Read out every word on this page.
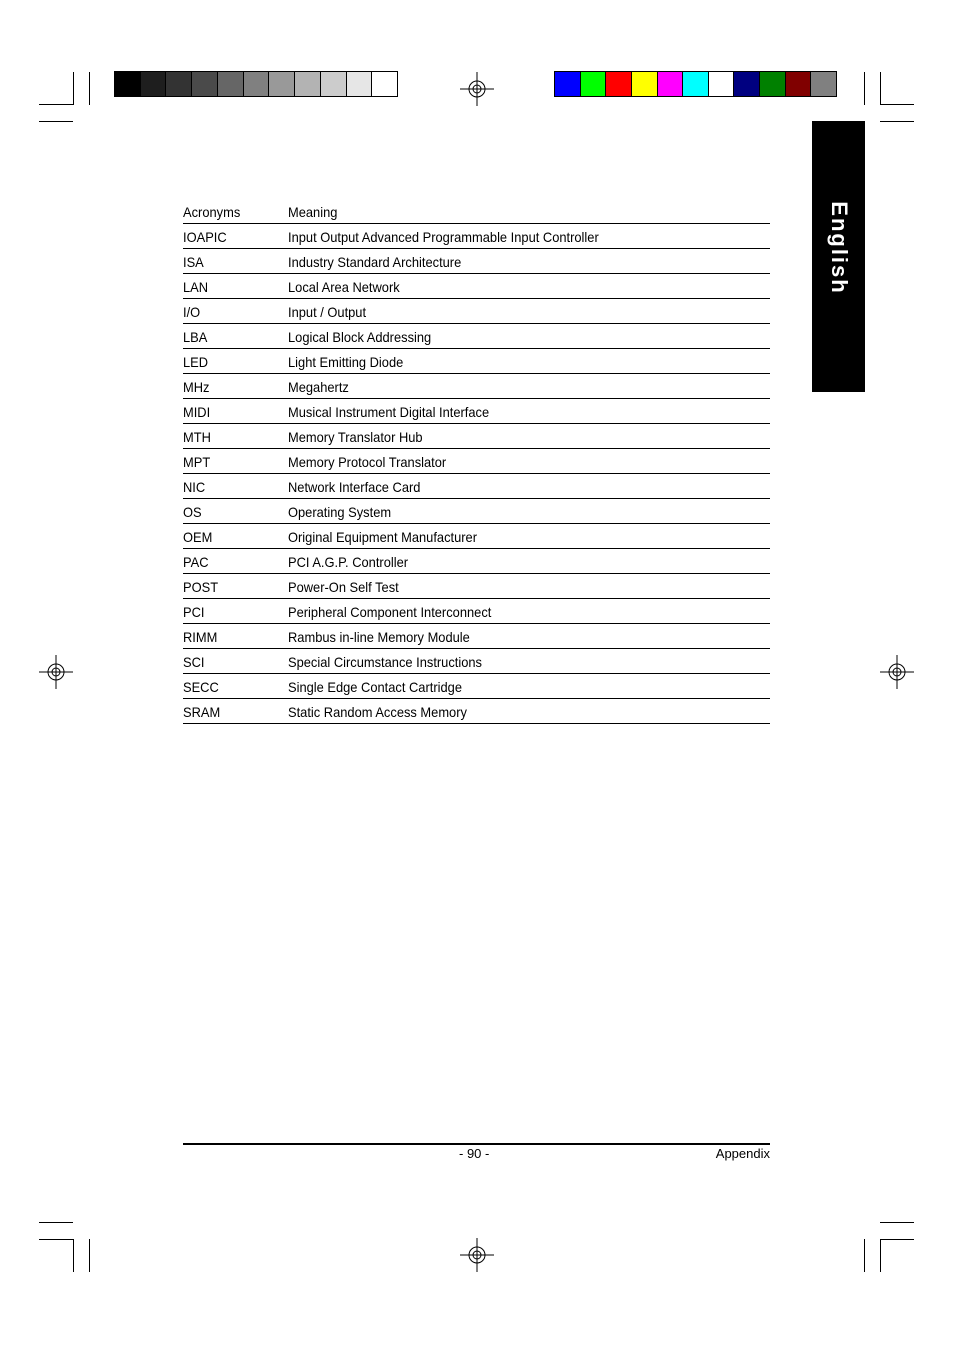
English
Acronyms	Meaning
IOAPIC	Input Output Advanced Programmable Input Controller
ISA	Industry Standard Architecture
LAN	Local Area Network
I/O	Input / Output
LBA	Logical Block Addressing
LED	Light Emitting Diode
MHz	Megahertz
MIDI	Musical Instrument Digital Interface
MTH	Memory Translator Hub
MPT	Memory Protocol Translator
NIC	Network Interface Card
OS	Operating System
OEM	Original Equipment Manufacturer
PAC	PCI A.G.P. Controller
POST	Power-On Self Test
PCI	Peripheral Component Interconnect
RIMM	Rambus in-line Memory Module
SCI	Special Circumstance Instructions
SECC	Single Edge Contact Cartridge
SRAM	Static Random Access Memory
- 90 -	Appendix
